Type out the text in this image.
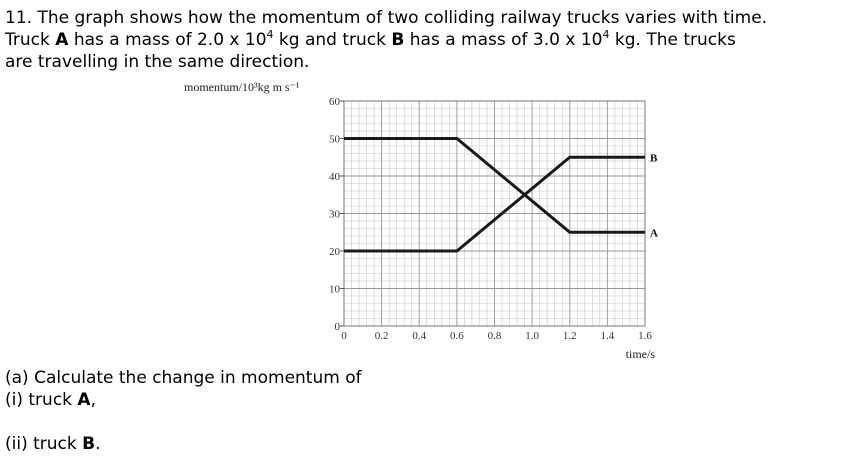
11. The graph shows how the momentum of two colliding railway trucks varies with time.
Truck A has a mass of 2.0 x $10^4$ kg and truck B has a mass of 3.0 x $10^4$ kg. The trucks
are travelling in the same direction.
0
10
20
30
40
50
60
0	0.2 0.4 0.6 0.8 1.0 1.2 1.4 1.6
A
B
momentum/10³kg m s⁻¹
time/s
(a) Calculate the change in momentum of
(i) truck A,
(ii) truck B.
